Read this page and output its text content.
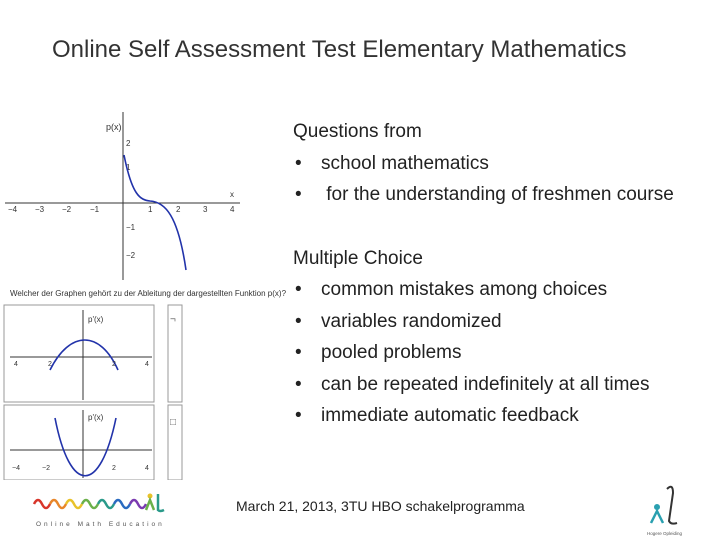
Online Self Assessment Test Elementary Mathematics
p(x)
x
2
1
−1
−2
−4 −3 −2 −1	1	2	3	4
Welcher der Graphen gehört zu der Ableitung der dargestellten Funktion p(x)?
p'(x)
4	2	2	4
¬
p'(x)
−4	−2	2	4
□
Questions from
• school mathematics
• for the understanding of freshmen course
Multiple Choice
• common mistakes among choices
• variables randomized
• pooled problems
• can be repeated indefinitely at all times
• immediate automatic feedback
March 21, 2013, 3TU HBO schakelprogramma
Online Math Education
Hogere Opleiding
